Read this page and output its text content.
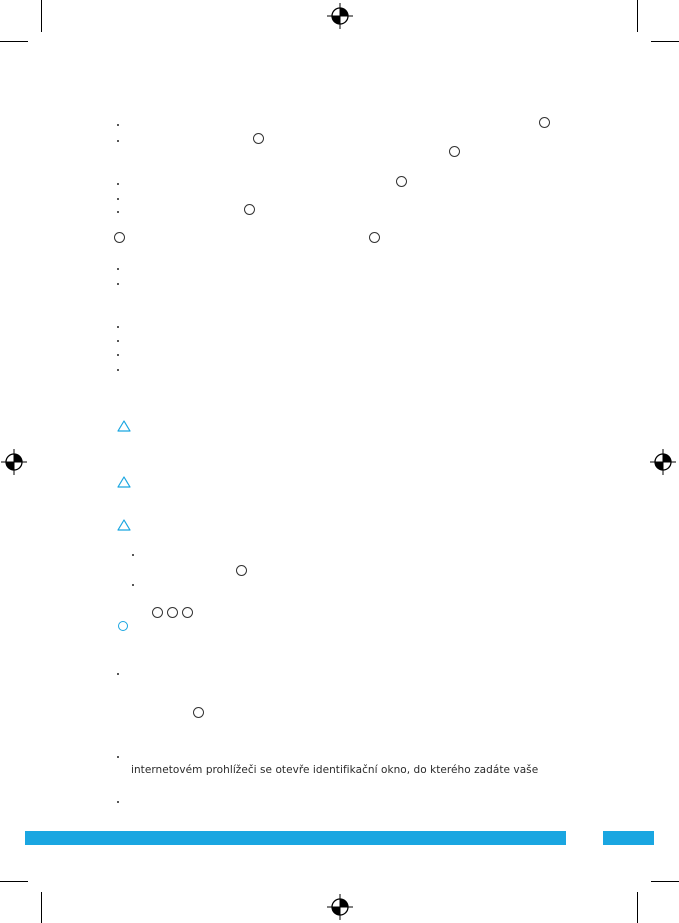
internetovém prohlížeči se otevře identifikační okno, do kterého zadáte vaše
